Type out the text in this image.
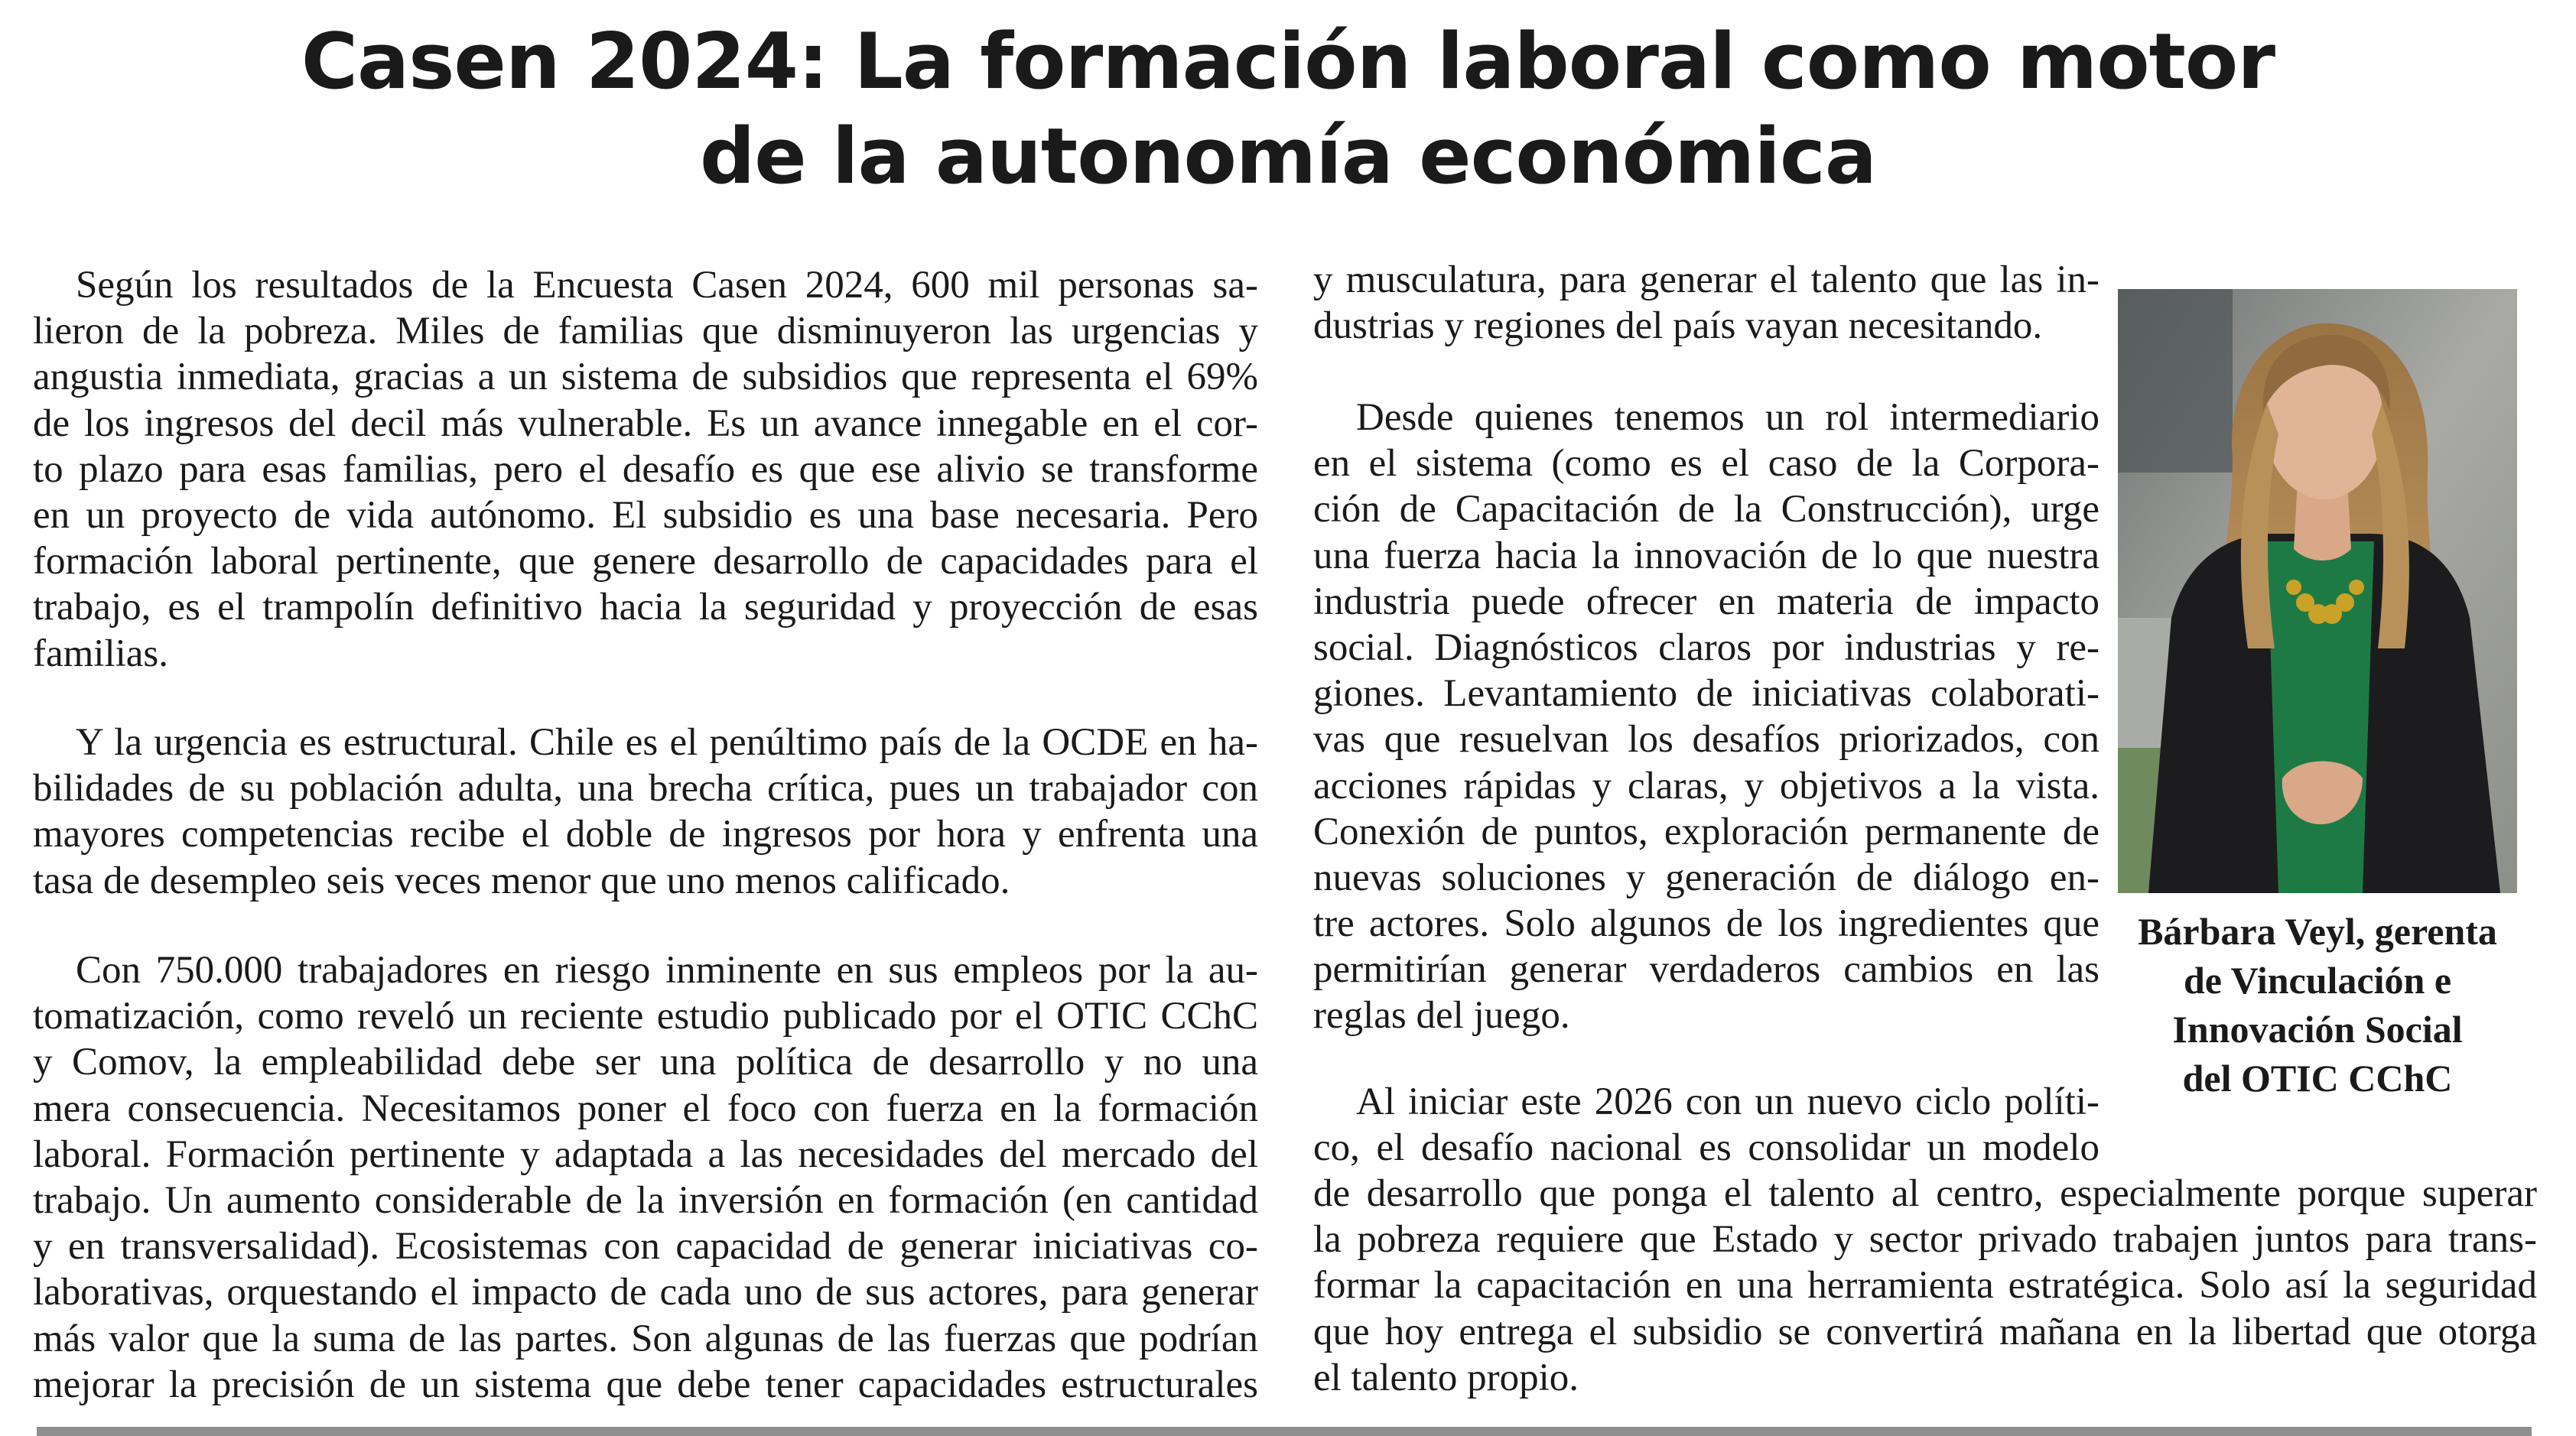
Casen 2024: La formación laboral como motor
de la autonomía económica
Según los resultados de la Encuesta Casen 2024, 600 mil personas sa-
lieron de la pobreza. Miles de familias que disminuyeron las urgencias y
angustia inmediata, gracias a un sistema de subsidios que representa el 69%
de los ingresos del decil más vulnerable. Es un avance innegable en el cor-
to plazo para esas familias, pero el desafío es que ese alivio se transforme
en un proyecto de vida autónomo. El subsidio es una base necesaria. Pero
formación laboral pertinente, que genere desarrollo de capacidades para el
trabajo, es el trampolín definitivo hacia la seguridad y proyección de esas
familias.
Y la urgencia es estructural. Chile es el penúltimo país de la OCDE en ha-
bilidades de su población adulta, una brecha crítica, pues un trabajador con
mayores competencias recibe el doble de ingresos por hora y enfrenta una
tasa de desempleo seis veces menor que uno menos calificado.
Con 750.000 trabajadores en riesgo inminente en sus empleos por la au-
tomatización, como reveló un reciente estudio publicado por el OTIC CChC
y Comov, la empleabilidad debe ser una política de desarrollo y no una
mera consecuencia. Necesitamos poner el foco con fuerza en la formación
laboral. Formación pertinente y adaptada a las necesidades del mercado del
trabajo. Un aumento considerable de la inversión en formación (en cantidad
y en transversalidad). Ecosistemas con capacidad de generar iniciativas co-
laborativas, orquestando el impacto de cada uno de sus actores, para generar
más valor que la suma de las partes. Son algunas de las fuerzas que podrían
mejorar la precisión de un sistema que debe tener capacidades estructurales
y musculatura, para generar el talento que las in-
dustrias y regiones del país vayan necesitando.
Desde quienes tenemos un rol intermediario
en el sistema (como es el caso de la Corpora-
ción de Capacitación de la Construcción), urge
una fuerza hacia la innovación de lo que nuestra
industria puede ofrecer en materia de impacto
social. Diagnósticos claros por industrias y re-
giones. Levantamiento de iniciativas colaborati-
vas que resuelvan los desafíos priorizados, con
acciones rápidas y claras, y objetivos a la vista.
Conexión de puntos, exploración permanente de
nuevas soluciones y generación de diálogo en-
tre actores. Solo algunos de los ingredientes que
permitirían generar verdaderos cambios en las
reglas del juego.
Al iniciar este 2026 con un nuevo ciclo políti-
co, el desafío nacional es consolidar un modelo
de desarrollo que ponga el talento al centro, especialmente porque superar
la pobreza requiere que Estado y sector privado trabajen juntos para trans-
formar la capacitación en una herramienta estratégica. Solo así la seguridad
que hoy entrega el subsidio se convertirá mañana en la libertad que otorga
el talento propio.

Bárbara Veyl, gerenta
de Vinculación e
Innovación Social
del OTIC CChC
